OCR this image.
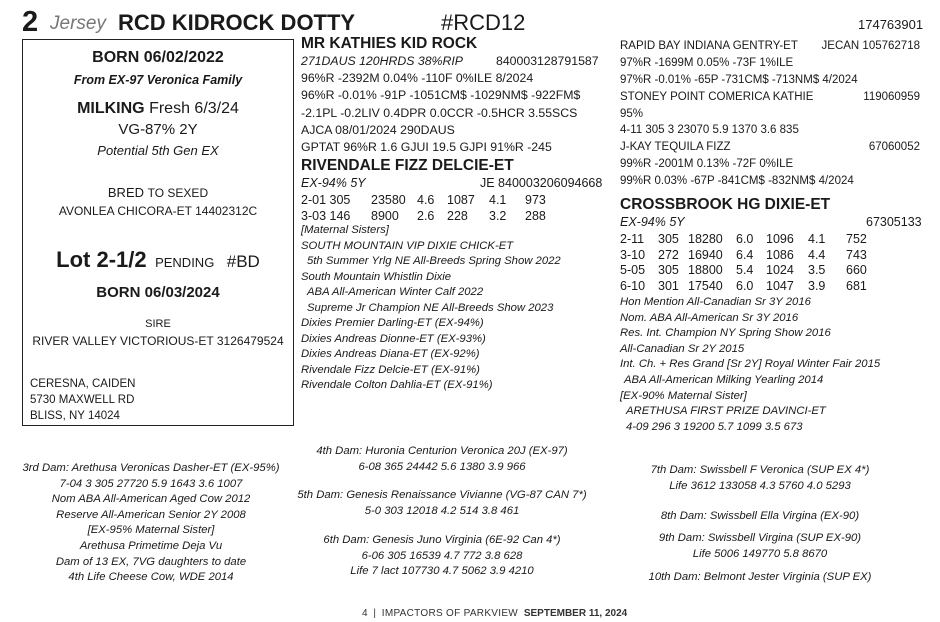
2 Jersey RCD KIDROCK DOTTY	#RCD12	174763901
BORN 06/02/2022
From EX-97 Veronica Family
MILKING Fresh 6/3/24
VG-87% 2Y
Potential 5th Gen EX
BRED TO SEXED
AVONLEA CHICORA-ET 14402312C
Lot 2-1/2 PENDING #BD
BORN 06/03/2024
SIRE
RIVER VALLEY VICTORIOUS-ET 3126479524
CERESNA, CAIDEN
5730 MAXWELL RD
BLISS, NY 14024
MR KATHIES KID ROCK
271DAUS 120HRDS 38%RIP	840003128791587
96%R -2392M 0.04% -110F 0%ILE 8/2024
96%R -0.01% -91P -1051CM$ -1029NM$ -922FM$
-2.1PL -0.2LIV 0.4DPR 0.0CCR -0.5HCR 3.55SCS
AJCA 08/01/2024 290DAUS
GPTAT 96%R 1.6 GJUI 19.5 GJPI 91%R -245
RIVENDALE FIZZ DELCIE-ET
EX-94% 5Y	JE 840003206094668
2-01 305	23580 4.6	1087	4.1	973
3-03 146	8900	2.6	228	3.2	288
[Maternal Sisters]
SOUTH MOUNTAIN VIP DIXIE CHICK-ET
5th Summer Yrlg NE All-Breeds Spring Show 2022
South Mountain Whistlin Dixie
ABA All-American Winter Calf 2022
Supreme Jr Champion NE All-Breeds Show 2023
Dixies Premier Darling-ET (EX-94%)
Dixies Andreas Dionne-ET (EX-93%)
Dixies Andreas Diana-ET (EX-92%)
Rivendale Fizz Delcie-ET (EX-91%)
Rivendale Colton Dahlia-ET (EX-91%)
RAPID BAY INDIANA GENTRY-ET JECAN 105762718
97%R -1699M 0.05% -73F 1%ILE
97%R -0.01% -65P -731CM$ -713NM$ 4/2024
STONEY POINT COMERICA KATHIE	119060959
95%
4-11 305 3 23070 5.9 1370 3.6 835
J-KAY TEQUILA FIZZ	67060052
99%R -2001M 0.13% -72F 0%ILE
99%R 0.03% -67P -841CM$ -832NM$ 4/2024
CROSSBROOK HG DIXIE-ET
EX-94% 5Y	67305133
2-11	305 18280	6.0	1096	4.1	752
3-10	272 16940	6.4	1086	4.4	743
5-05	305 18800	5.4	1024	3.5	660
6-10	301 17540	6.0	1047	3.9	681
Hon Mention All-Canadian Sr 3Y 2016
Nom. ABA All-American Sr 3Y 2016
Res. Int. Champion NY Spring Show 2016
All-Canadian Sr 2Y 2015
Int. Ch. + Res Grand [Sr 2Y] Royal Winter Fair 2015
ABA All-American Milking Yearling 2014
[EX-90% Maternal Sister]
ARETHUSA FIRST PRIZE DAVINCI-ET
4-09 296 3 19200 5.7 1099 3.5 673
3rd Dam: Arethusa Veronicas Dasher-ET (EX-95%)
7-04 3 305 27720 5.9 1643 3.6 1007
Nom ABA All-American Aged Cow 2012
Reserve All-American Senior 2Y 2008
[EX-95% Maternal Sister]
Arethusa Primetime Deja Vu
Dam of 13 EX, 7VG daughters to date
4th Life Cheese Cow, WDE 2014
4th Dam: Huronia Centurion Veronica 20J (EX-97)
6-08 365 24442 5.6 1380 3.9 966
5th Dam: Genesis Renaissance Vivianne (VG-87 CAN 7*)
5-0 303 12018 4.2 514 3.8 461
6th Dam: Genesis Juno Virginia (6E-92 Can 4*)
6-06 305 16539 4.7 772 3.8 628
Life 7 lact 107730 4.7 5062 3.9 4210
7th Dam: Swissbell F Veronica (SUP EX 4*)
Life 3612 133058 4.3 5760 4.0 5293
8th Dam: Swissbell Ella Virgina (EX-90)
9th Dam: Swissbell Virgina (SUP EX-90)
Life 5006 149770 5.8 8670
10th Dam: Belmont Jester Virginia (SUP EX)
4 | IMPACTORS OF PARKVIEW SEPTEMBER 11, 2024
